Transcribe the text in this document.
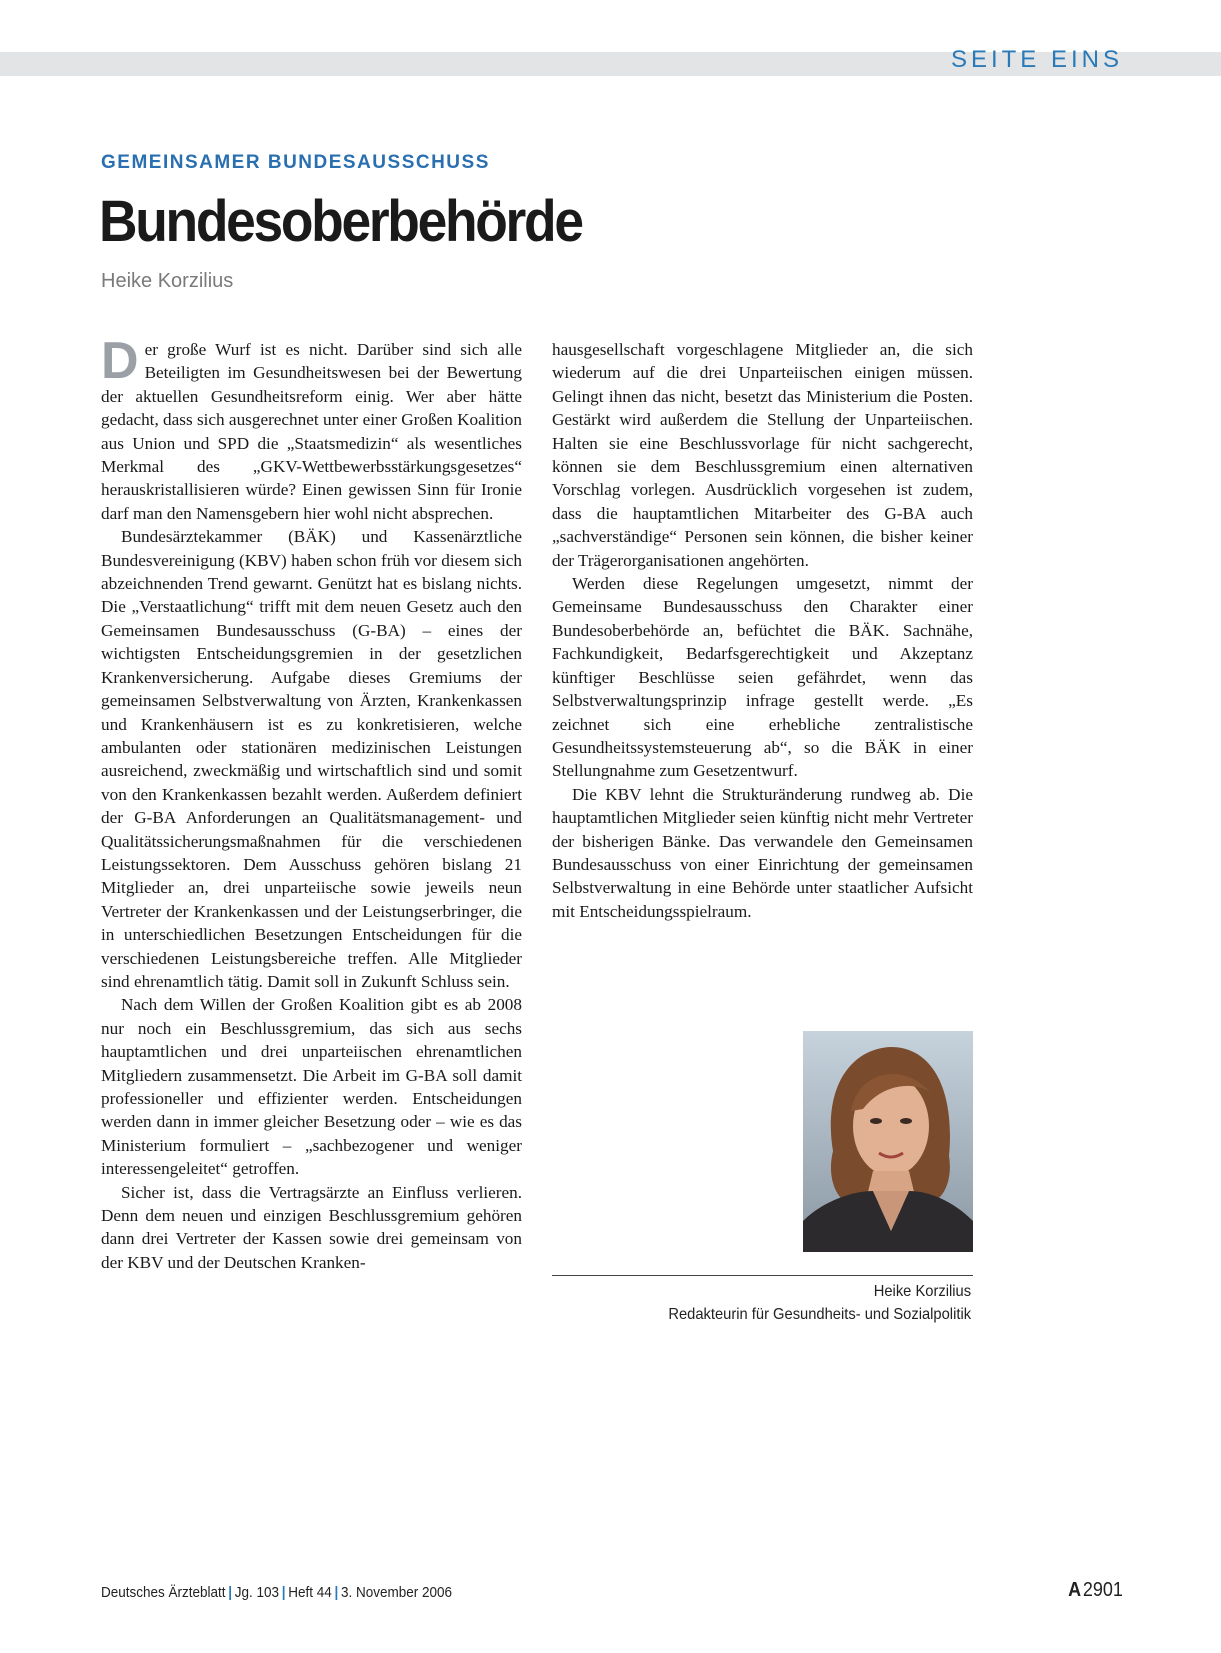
SEITE EINS
GEMEINSAMER BUNDESAUSSCHUSS
Bundesoberbehörde
Heike Korzilius

Der große Wurf ist es nicht. Darüber sind sich alle Beteiligten im Gesundheitswesen bei der Bewertung der aktuellen Gesundheitsreform einig. Wer aber hätte gedacht, dass sich ausgerechnet unter einer Großen Koalition aus Union und SPD die „Staatsmedizin“ als wesentliches Merkmal des „GKV-Wettbewerbsstärkungsgesetzes“ herauskristallisieren würde? Einen gewissen Sinn für Ironie darf man den Namensgebern hier wohl nicht absprechen.

Bundesärztekammer (BÄK) und Kassenärztliche Bundesvereinigung (KBV) haben schon früh vor diesem sich abzeichnenden Trend gewarnt. Genützt hat es bislang nichts. Die „Verstaatlichung“ trifft mit dem neuen Gesetz auch den Gemeinsamen Bundesausschuss (G-BA) – eines der wichtigsten Entscheidungsgremien in der gesetzlichen Krankenversicherung. Aufgabe dieses Gremiums der gemeinsamen Selbstverwaltung von Ärzten, Krankenkassen und Krankenhäusern ist es zu konkretisieren, welche ambulanten oder stationären medizinischen Leistungen ausreichend, zweckmäßig und wirtschaftlich sind und somit von den Krankenkassen bezahlt werden. Außerdem definiert der G-BA Anforderungen an Qualitätsmanagement- und Qualitätssicherungsmaßnahmen für die verschiedenen Leistungssektoren. Dem Ausschuss gehören bislang 21 Mitglieder an, drei unparteiische sowie jeweils neun Vertreter der Krankenkassen und der Leistungserbringer, die in unterschiedlichen Besetzungen Entscheidungen für die verschiedenen Leistungsbereiche treffen. Alle Mitglieder sind ehrenamtlich tätig. Damit soll in Zukunft Schluss sein.

Nach dem Willen der Großen Koalition gibt es ab 2008 nur noch ein Beschlussgremium, das sich aus sechs hauptamtlichen und drei unparteiischen ehrenamtlichen Mitgliedern zusammensetzt. Die Arbeit im G-BA soll damit professioneller und effizienter werden. Entscheidungen werden dann in immer gleicher Besetzung oder – wie es das Ministerium formuliert – „sachbezogener und weniger interessengeleitet“ getroffen.

Sicher ist, dass die Vertragsärzte an Einfluss verlieren. Denn dem neuen und einzigen Beschlussgremium gehören dann drei Vertreter der Kassen sowie drei gemeinsam von der KBV und der Deutschen Kranken-

hausgesellschaft vorgeschlagene Mitglieder an, die sich wiederum auf die drei Unparteiischen einigen müssen. Gelingt ihnen das nicht, besetzt das Ministerium die Posten. Gestärkt wird außerdem die Stellung der Unparteiischen. Halten sie eine Beschlussvorlage für nicht sachgerecht, können sie dem Beschlussgremium einen alternativen Vorschlag vorlegen. Ausdrücklich vorgesehen ist zudem, dass die hauptamtlichen Mitarbeiter des G-BA auch „sachverständige“ Personen sein können, die bisher keiner der Trägerorganisationen angehörten.

Werden diese Regelungen umgesetzt, nimmt der Gemeinsame Bundesausschuss den Charakter einer Bundesoberbehörde an, befüchtet die BÄK. Sachnähe, Fachkundigkeit, Bedarfsgerechtigkeit und Akzeptanz künftiger Beschlüsse seien gefährdet, wenn das Selbstverwaltungsprinzip infrage gestellt werde. „Es zeichnet sich eine erhebliche zentralistische Gesundheitssystemsteuerung ab“, so die BÄK in einer Stellungnahme zum Gesetzentwurf.

Die KBV lehnt die Strukturänderung rundweg ab. Die hauptamtlichen Mitglieder seien künftig nicht mehr Vertreter der bisherigen Bänke. Das verwandele den Gemeinsamen Bundesausschuss von einer Einrichtung der gemeinsamen Selbstverwaltung in eine Behörde unter staatlicher Aufsicht mit Entscheidungsspielraum.

Heike Korzilius
Redakteurin für Gesundheits- und Sozialpolitik
Deutsches Ärzteblatt | Jg. 103 | Heft 44 | 3. November 2006	A2901
